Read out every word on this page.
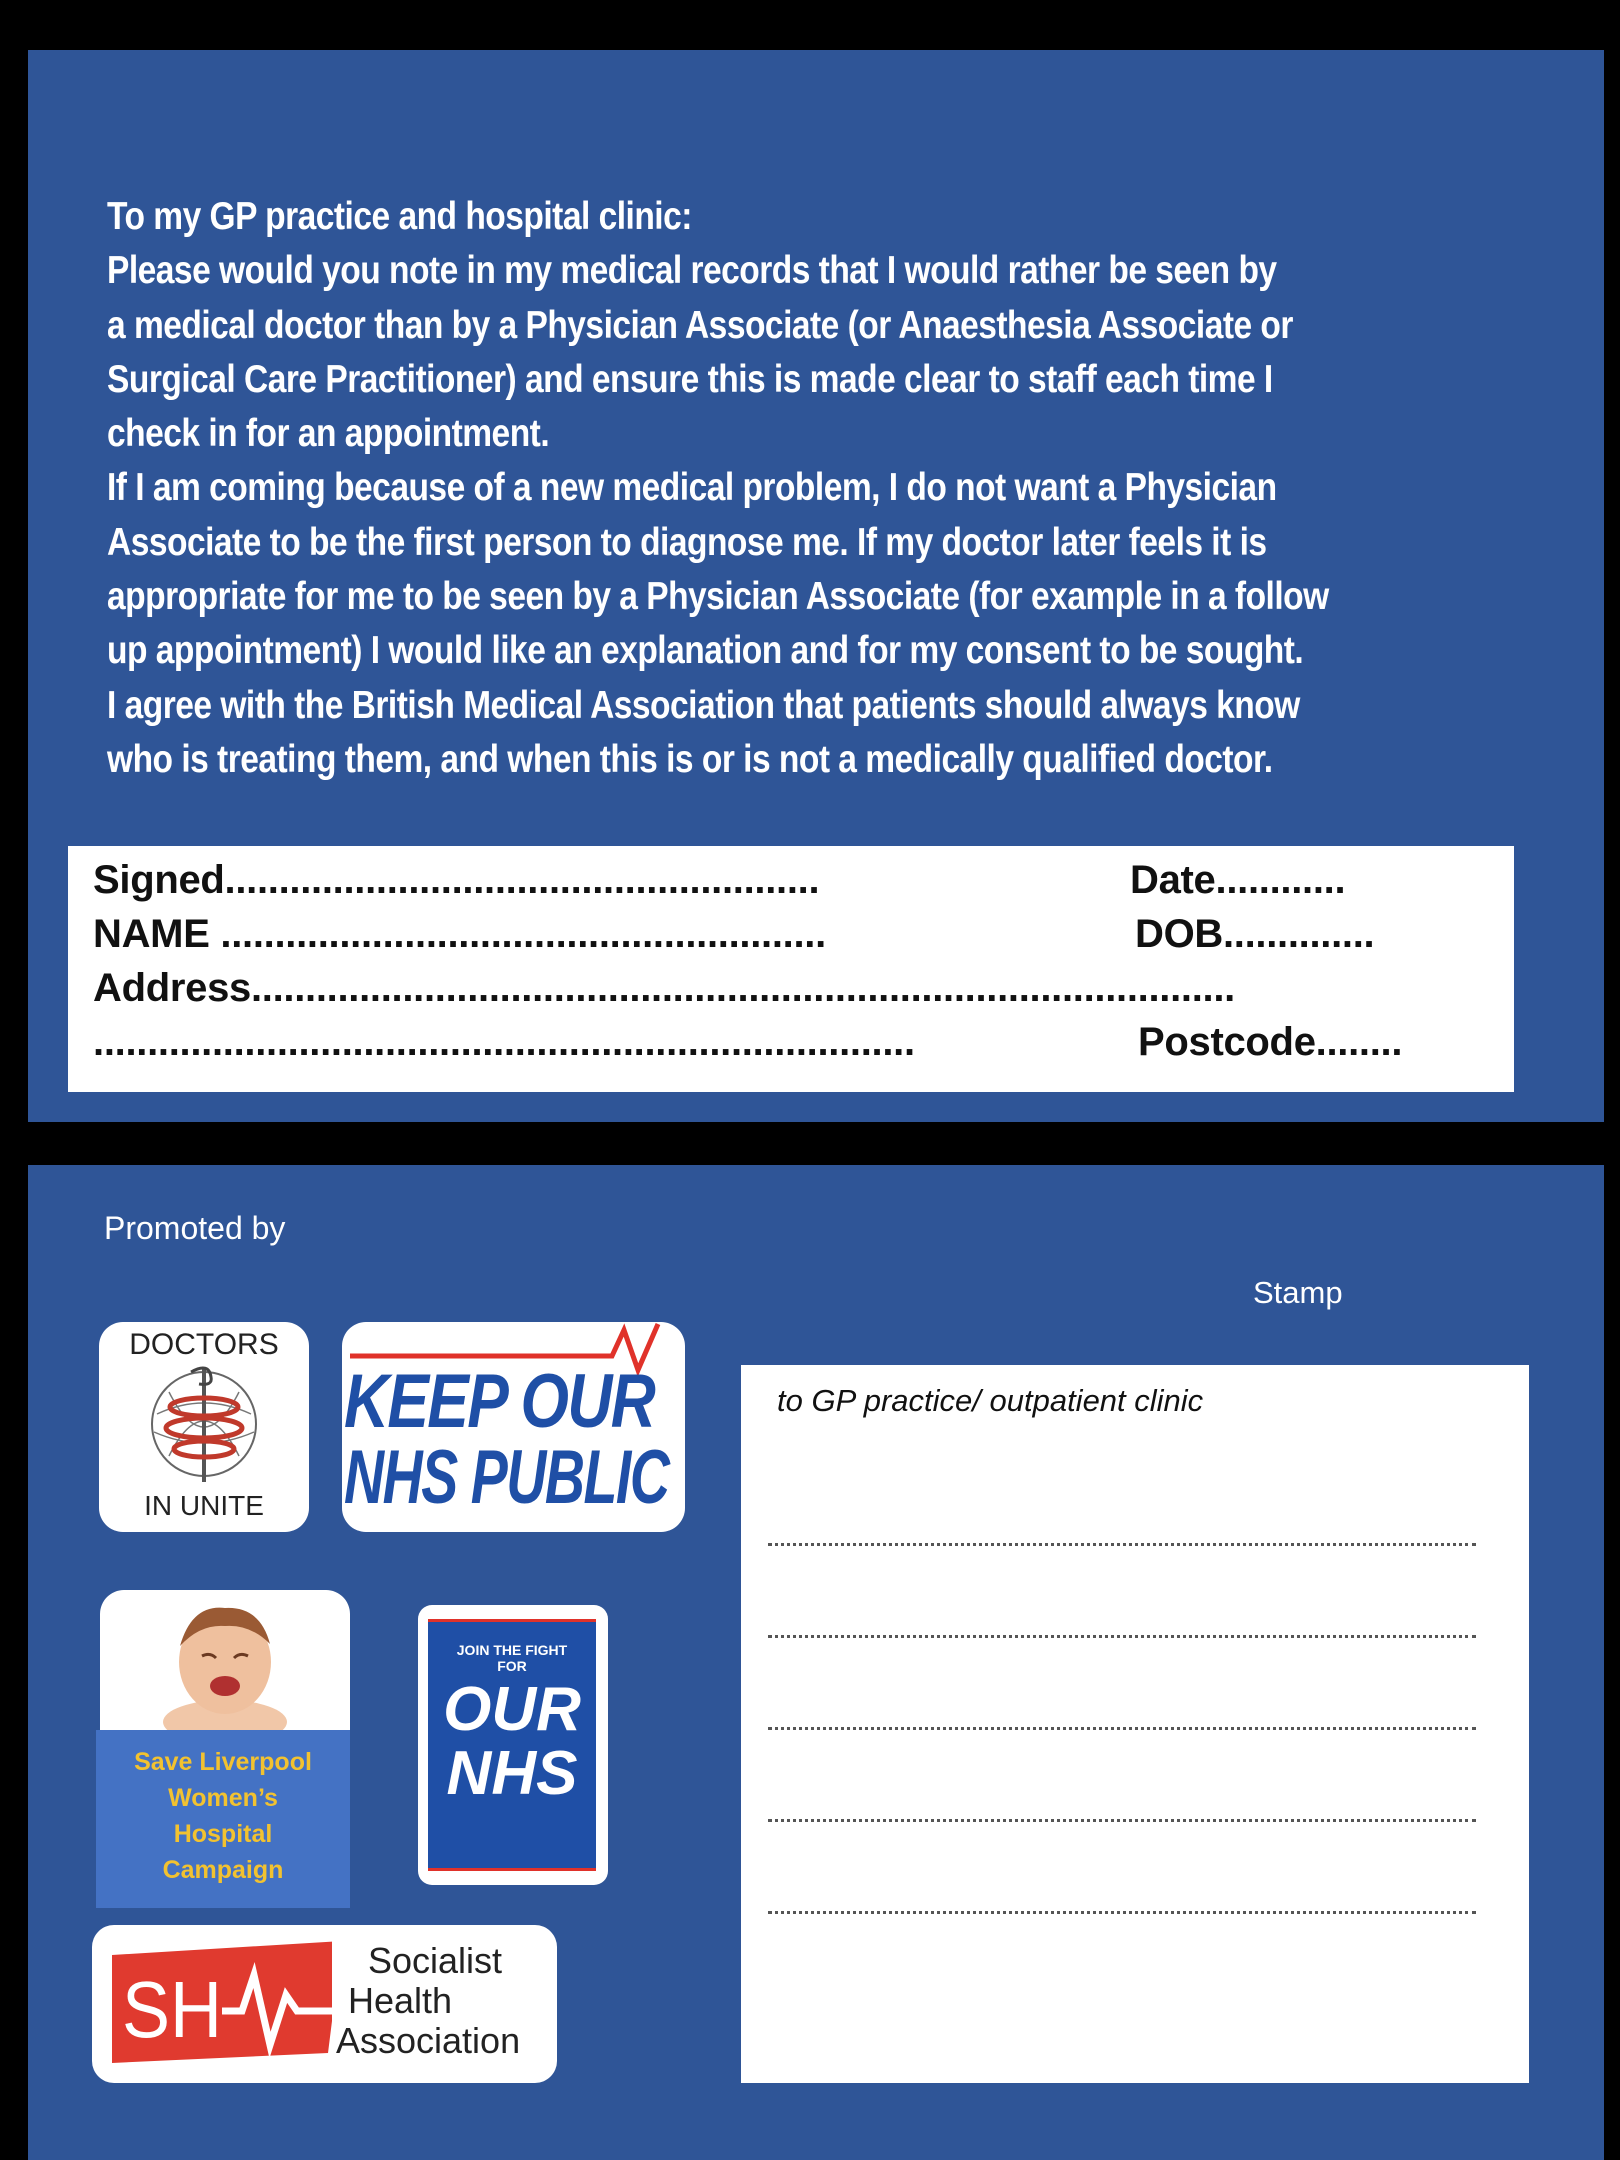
To my GP practice and hospital clinic:

Please would you note in my medical records that I would rather be seen by

a medical doctor than by a Physician Associate (or Anaesthesia Associate or

Surgical Care Practitioner) and ensure this is made clear to staff each time I

check in for an appointment.

If I am coming because of a new medical problem, I do not want a Physician

Associate to be the first person to diagnose me. If my doctor later feels it is

appropriate for me to be seen by a Physician Associate (for example in a follow

up appointment) I would like an explanation and for my consent to be sought.

I agree with the British Medical Association that patients should always know

who is treating them, and when this is or is not a medically qualified doctor.

Signed.......................................................	Date............
NAME ........................................................	DOB..............
Address...........................................................................................
............................................................................	Postcode........
Promoted by
Stamp
DOCTORS
IN UNITE
KEEP OUR
NHS PUBLIC
Save Liverpool
Women’s
Hospital
Campaign
JOIN THE FIGHT
FOR
OUR
NHS
SH
Socialist
Health
Association
to GP practice/ outpatient clinic
